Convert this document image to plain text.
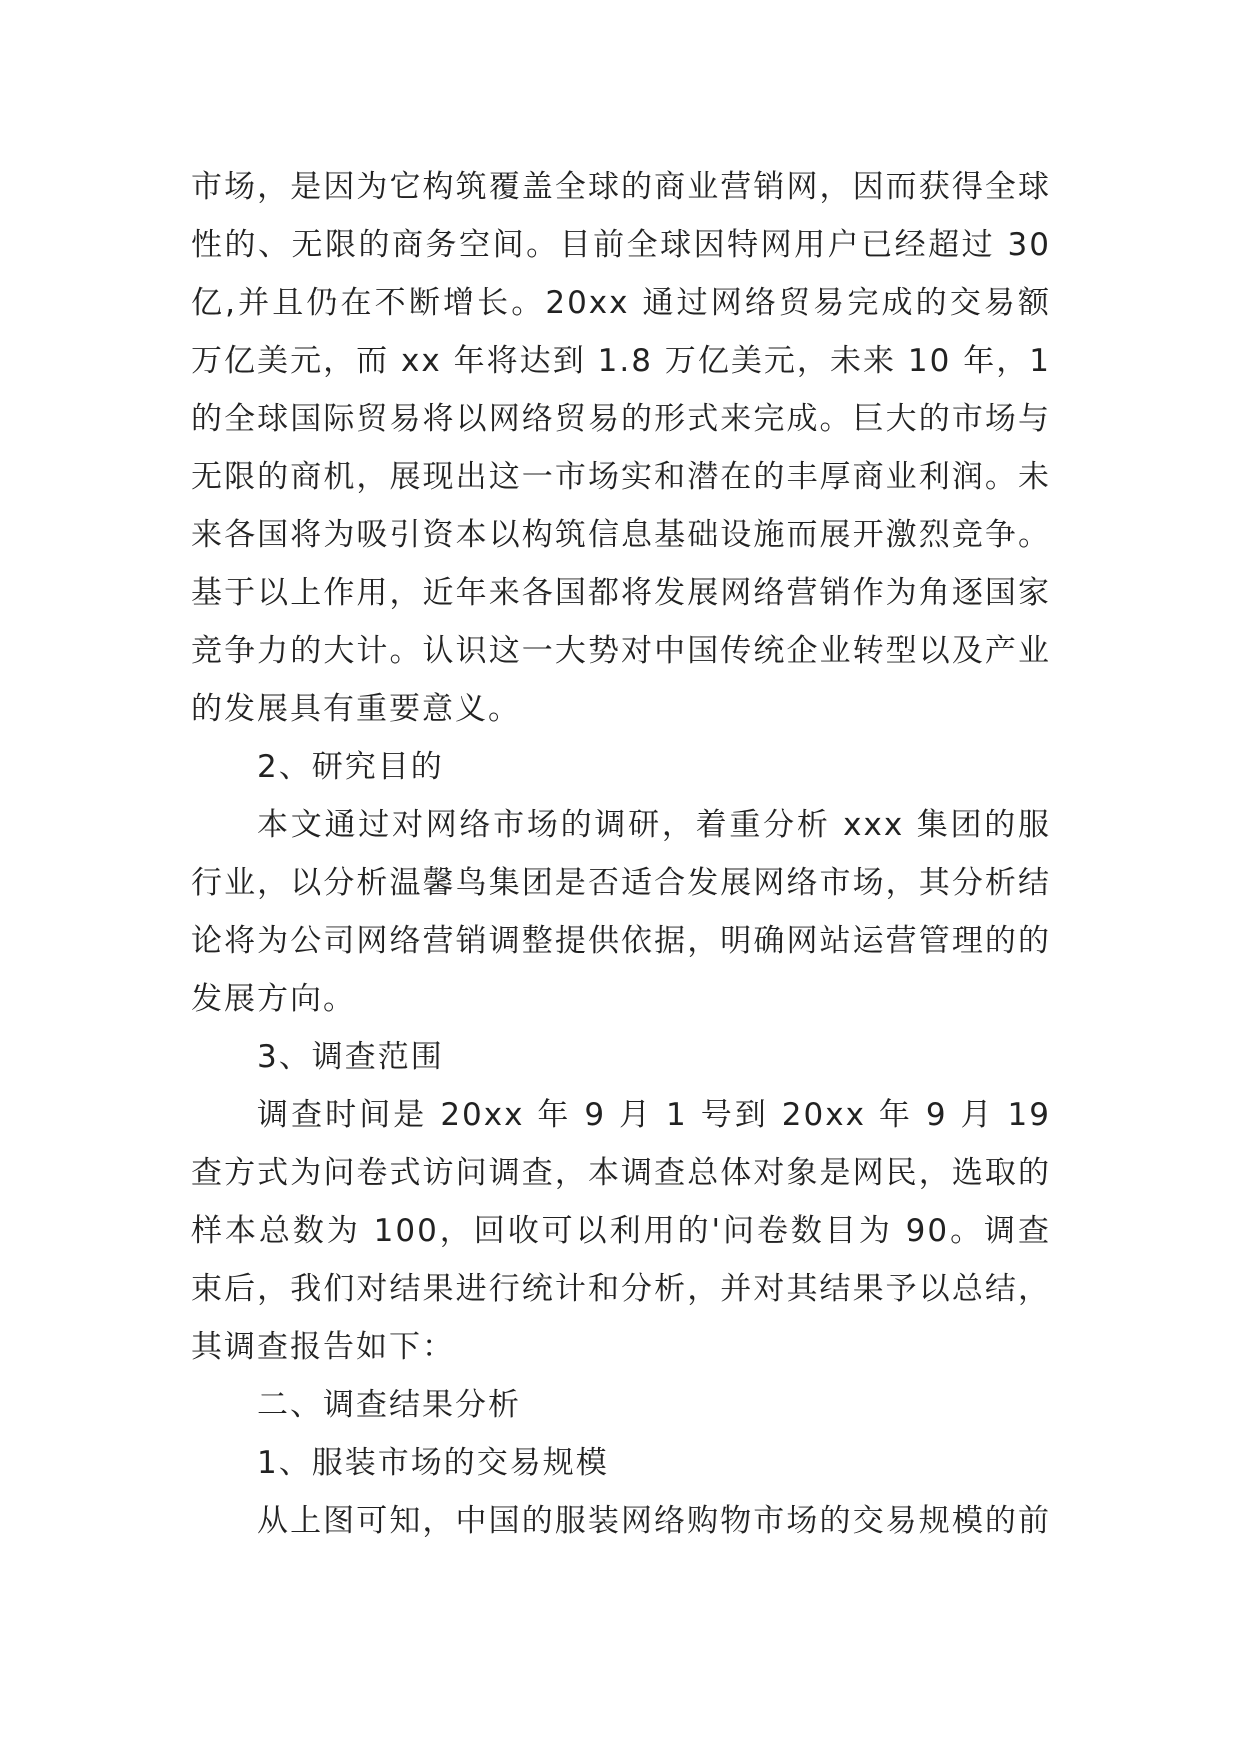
市场，是因为它构筑覆盖全球的商业营销网，因而获得全球
性的、无限的商务空间。目前全球因特网用户已经超过 30
亿,并且仍在不断增长。20xx 通过网络贸易完成的交易额
万亿美元，而 xx 年将达到 1.8 万亿美元，未来 10 年，1
的全球国际贸易将以网络贸易的形式来完成。巨大的市场与
无限的商机，展现出这一市场实和潜在的丰厚商业利润。未
来各国将为吸引资本以构筑信息基础设施而展开激烈竞争。
基于以上作用，近年来各国都将发展网络营销作为角逐国家
竞争力的大计。认识这一大势对中国传统企业转型以及产业
的发展具有重要意义。
2、研究目的
本文通过对网络市场的调研，着重分析 xxx 集团的服
行业，以分析温馨鸟集团是否适合发展网络市场，其分析结
论将为公司网络营销调整提供依据，明确网站运营管理的的
发展方向。
3、调查范围
调查时间是 20xx 年 9 月 1 号到 20xx 年 9 月 19
查方式为问卷式访问调查，本调查总体对象是网民，选取的
样本总数为 100，回收可以利用的'问卷数目为 90。调查
束后，我们对结果进行统计和分析，并对其结果予以总结，
其调查报告如下：
二、调查结果分析
1、服装市场的交易规模
从上图可知，中国的服装网络购物市场的交易规模的前
